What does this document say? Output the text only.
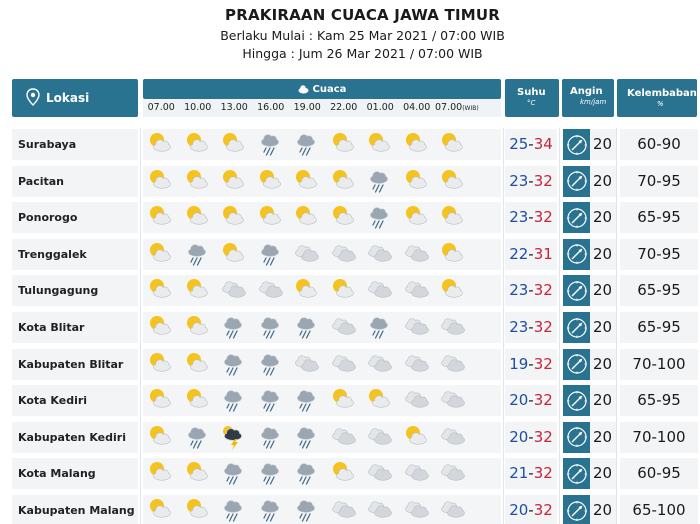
PRAKIRAAN CUACA JAWA TIMUR
Berlaku Mulai : Kam 25 Mar 2021 / 07:00 WIB
Hingga : Jum 26 Mar 2021 / 07:00 WIB
Lokasi
Cuaca
07.00 10.00 13.00 16.00 19.00 22.00 01.00 04.00 07.00(WIB)
Suhu
°C
Angin
km/jam
Kelembaban
%
Surabaya	25-34	20	60-90
Pacitan	23-32	20	70-95
Ponorogo	23-32	20	65-95
Trenggalek	22-31	20	70-95
Tulungagung	23-32	20	65-95
Kota Blitar	23-32	20	65-95
Kabupaten Blitar	19-32	20	70-100
Kota Kediri	20-32	20	65-95
Kabupaten Kediri	20-32	20	70-100
Kota Malang	21-32	20	60-95
Kabupaten Malang	20-32	20	65-100
